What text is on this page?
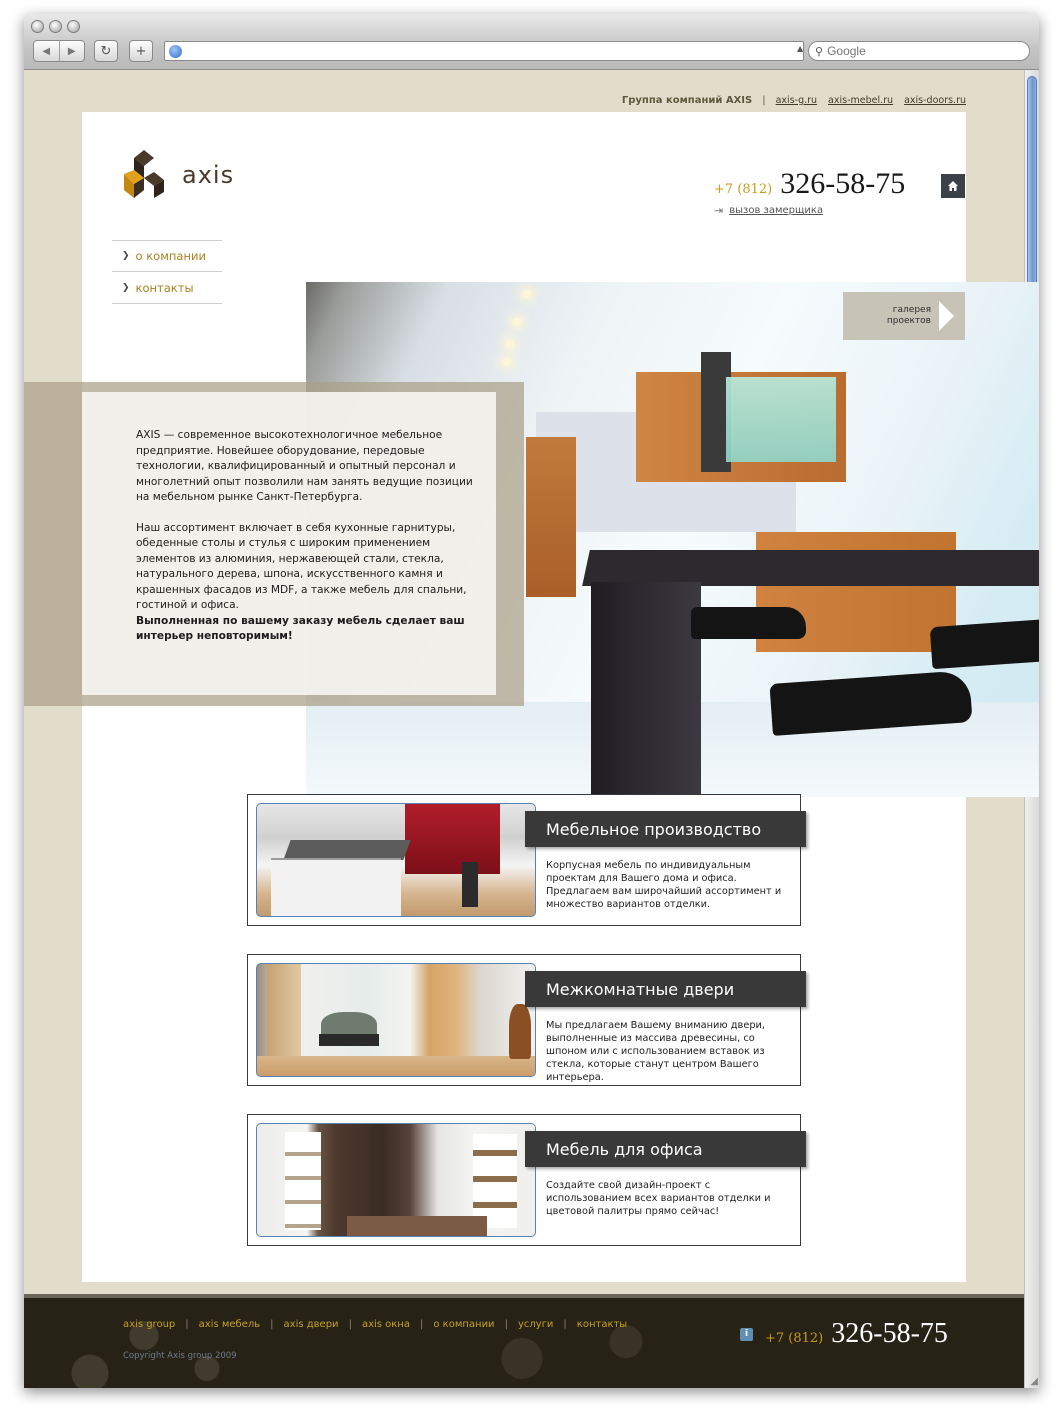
◀	▶	↻	+	▲ ⚲
Google
◢
Группа компаний AXIS | axis-g.ru axis-mebel.ru axis-doors.ru
axis
+7 (812) 326-58-75
⇥ вызов замерщика
❯ о компании
❯ контакты
галерея
проектов

AXIS — современное высокотехнологичное мебельное предприятие. Новейшее оборудование, передовые технологии, квалифицированный и опытный персонал и многолетний опыт позволили нам занять ведущие позиции на мебельном рынке Санкт-Петербурга.

Наш ассортимент включает в себя кухонные гарнитуры, обеденные столы и стулья с широким применением элементов из алюминия, нержавеющей стали, стекла, натурального дерева, шпона, искусственного камня и крашенных фасадов из MDF, а также мебель для спальни, гостиной и офиса.

Выполненная по вашему заказу мебель сделает ваш интерьер неповторимым!

Мебельное производство
Корпусная мебель по индивидуальным проектам для Вашего дома и офиса. Предлагаем вам широчайший ассортимент и множество вариантов отделки.
Межкомнатные двери
Мы предлагаем Вашему вниманию двери, выполненные из массива древесины, со шпоном или с использованием вставок из стекла, которые станут центром Вашего интерьера.
Мебель для офиса
Создайте свой дизайн-проект с использованием всех вариантов отделки и цветовой палитры прямо сейчас!
axis group | axis мебель | axis двери | axis окна | о компании | услуги | контакты
Copyright Axis group 2009
i	+7 (812) 326-58-75
